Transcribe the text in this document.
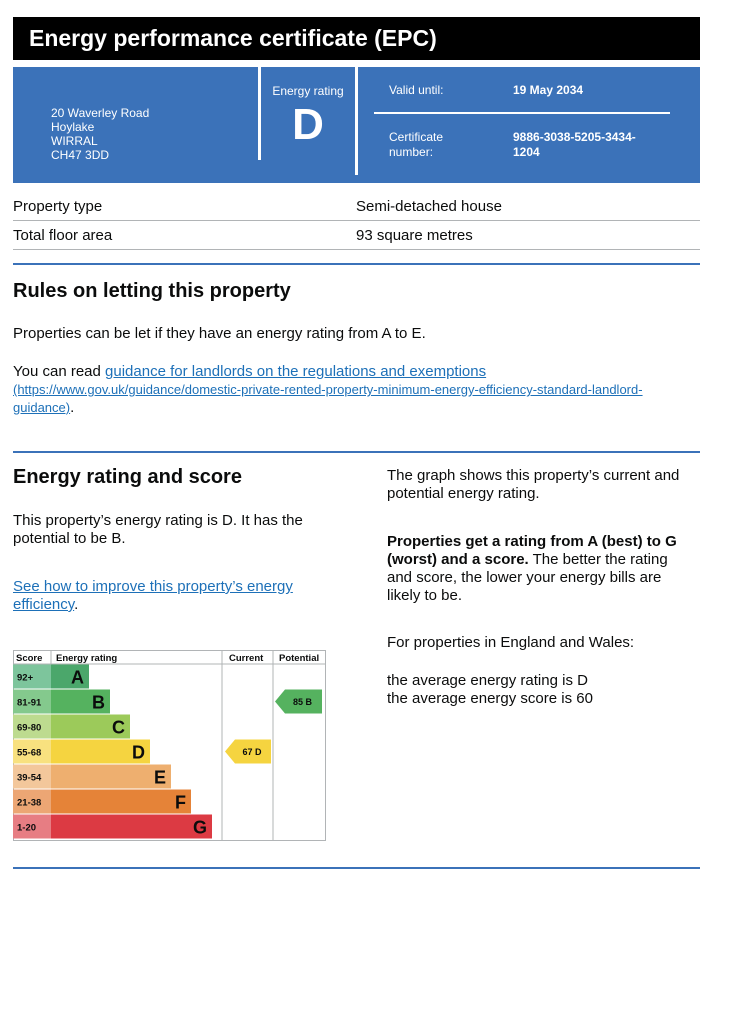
Energy performance certificate (EPC)
20 Waverley Road
Hoylake
WIRRAL
CH47 3DD
Energy rating
D
Valid until:	19 May 2034
Certificate
number:
9886-3038-5205-3434-
1204
Property type	Semi-detached house
Total floor area	93 square metres
Rules on letting this property
Properties can be let if they have an energy rating from A to E.
You can read guidance for landlords on the regulations and exemptions
(https://www.gov.uk/guidance/domestic-private-rented-property-minimum-energy-efficiency-standard-landlord-
guidance).
Energy rating and score
This property’s energy rating is D. It has the
potential to be B.
See how to improve this property’s energy
efficiency.
The graph shows this property’s current and
potential energy rating.
Properties get a rating from A (best) to G
(worst) and a score. The better the rating
and score, the lower your energy bills are
likely to be.
For properties in England and Wales:
the average energy rating is D
the average energy score is 60
Score Energy rating	Current Potential
92+ A
81-91	B
69-80	C
55-68	D
39-54	E
21-38	F
1-20	G
67 D
85 B
